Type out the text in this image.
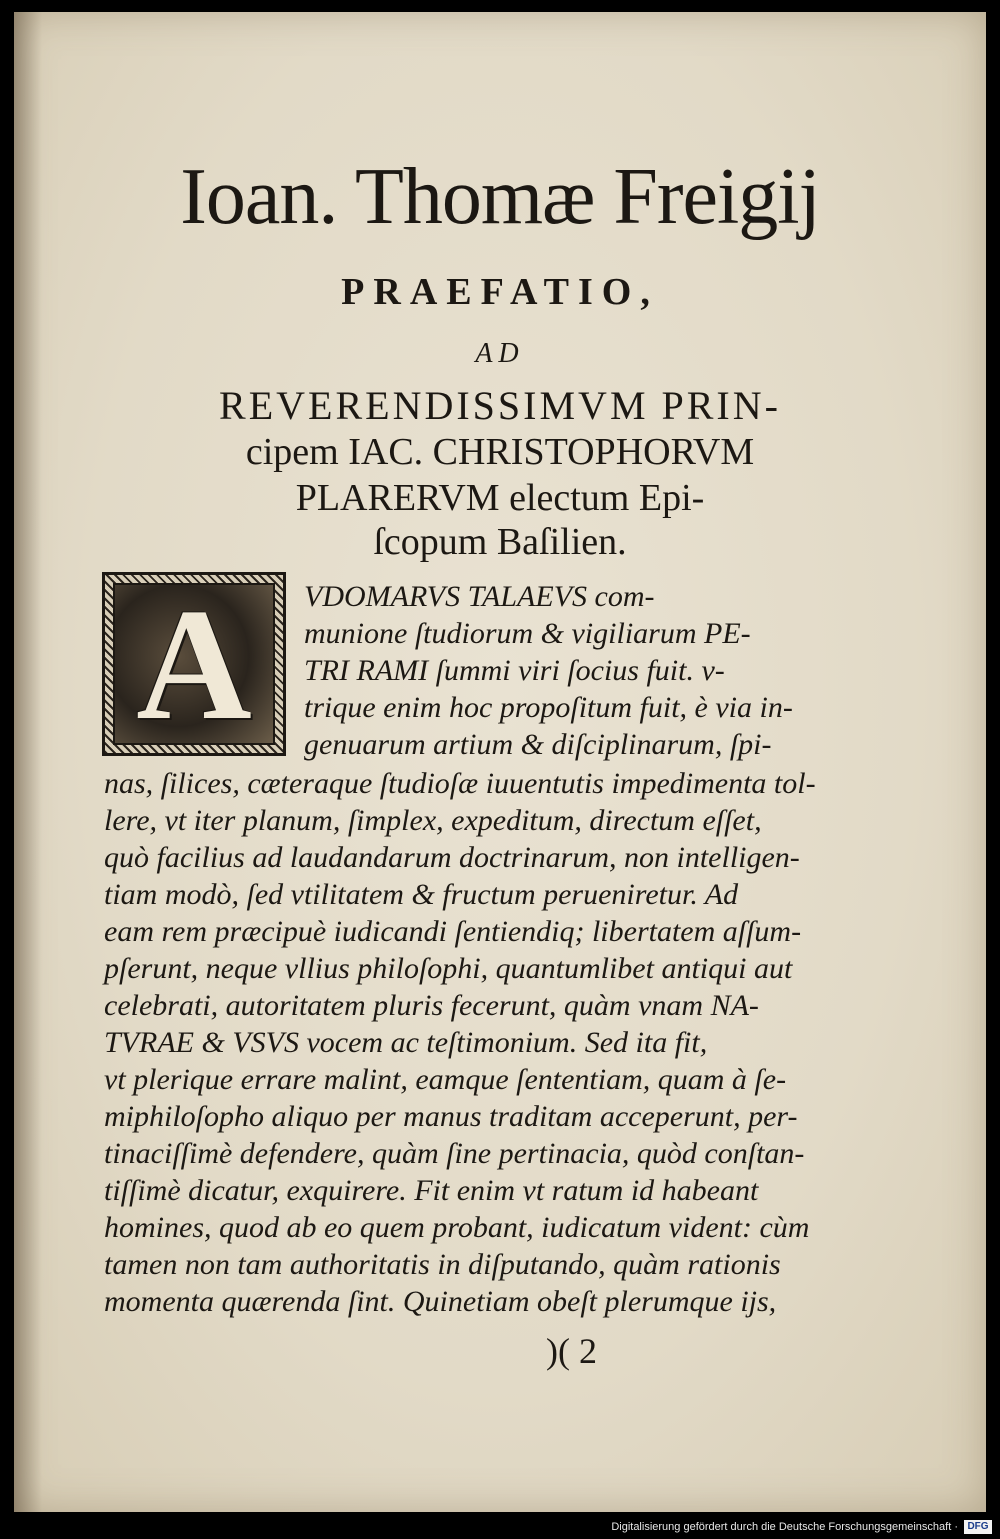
Ioan. Thomæ Freigij
PRAEFATIO,
AD
REVERENDISSIMVM PRIN-
cipem IAC. CHRISTOPHORVM
PLARERVM electum Epi-
ſcopum Baſilien.
A	VDOMARVS TALAEVS com-
munione ſtudiorum & vigiliarum PE-
TRI RAMI ſummi viri ſocius fuit. v-
trique enim hoc propoſitum fuit, è via in-
genuarum artium & diſciplinarum, ſpi-
nas, ſilices, cæteraque ſtudioſæ iuuentutis impedimenta tol-
lere, vt iter planum, ſimplex, expeditum, directum eſſet,
quò facilius ad laudandarum doctrinarum, non intelligen-
tiam modò, ſed vtilitatem & fructum perueniretur. Ad
eam rem præcipuè iudicandi ſentiendiq; libertatem aſſum-
pſerunt, neque vllius philoſophi, quantumlibet antiqui aut
celebrati, autoritatem pluris fecerunt, quàm vnam NA-
TVRAE & VSVS vocem ac teſtimonium. Sed ita fit,
vt plerique errare malint, eamque ſententiam, quam à ſe-
miphiloſopho aliquo per manus traditam acceperunt, per-
tinaciſſimè defendere, quàm ſine pertinacia, quòd conſtan-
tiſſimè dicatur, exquirere. Fit enim vt ratum id habeant
homines, quod ab eo quem probant, iudicatum vident: cùm
tamen non tam authoritatis in diſputando, quàm rationis
momenta quærenda ſint. Quinetiam obeſt plerumque ijs,
)( 2
Digitalisierung gefördert durch die Deutsche Forschungsgemeinschaft · DFG
